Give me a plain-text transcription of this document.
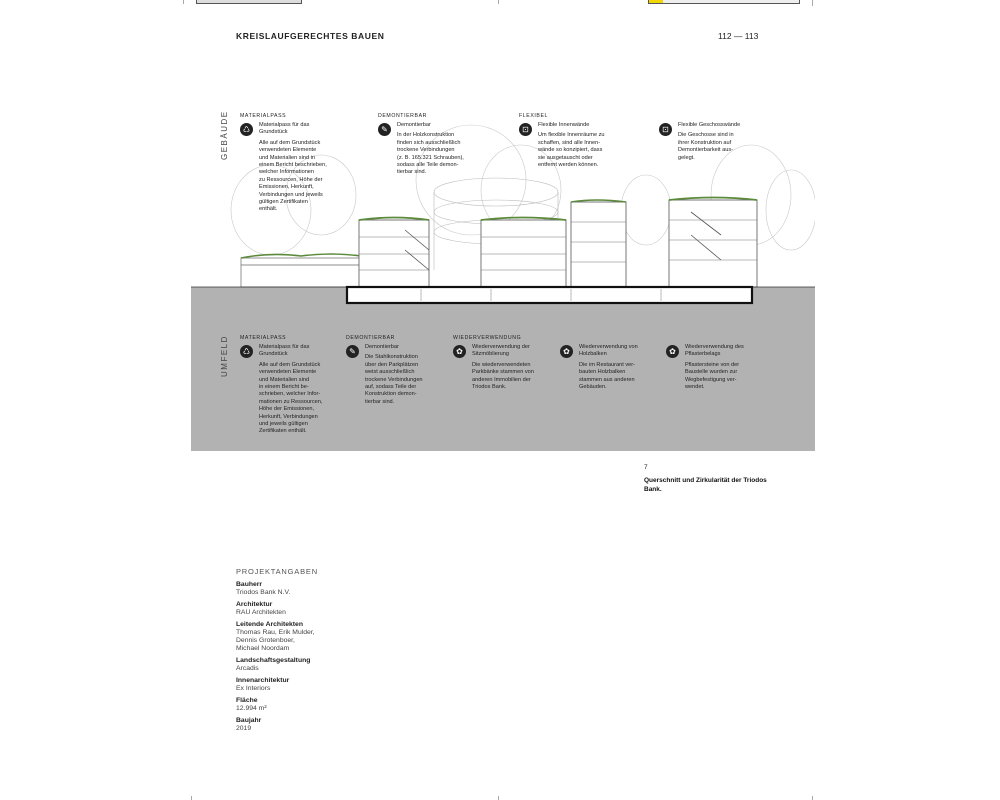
KREISLAUFGERECHTES BAUEN	112 — 113
GEBÄUDE
UMFELD
MATERIALPASS	DEMONTIERBAR	FLEXIBEL
♺	Materialpass für das
Grundstück
Alle auf dem Grundstück
verwendeten Elemente
und Materialien sind in
einem Bericht beschrieben,
welcher Informationen
zu Ressourcen, Höhe der
Emissionen, Herkunft,
Verbindungen und jeweils
gültigen Zertifikaten
enthält.
✎	Demontierbar
In der Holzkonstruktion
finden sich ausschließlich
trockene Verbindungen
(z. B. 165.321 Schrauben),
sodass alle Teile demon-
tierbar sind.
⊡	Flexible Innenwände
Um flexible Innenräume zu
schaffen, sind alle Innen-
wände so konzipiert, dass
sie ausgetauscht oder
entfernt werden können.
⊡	Flexible Geschosswände
Die Geschosse sind in
ihrer Konstruktion auf
Demontierbarkeit aus-
gelegt.
MATERIALPASS	DEMONTIERBAR	WIEDERVERWENDUNG
♺	Materialpass für das
Grundstück
Alle auf dem Grundstück
verwendeten Elemente
und Materialien sind
in einem Bericht be-
schrieben, welcher Infor-
mationen zu Ressourcen,
Höhe der Emissionen,
Herkunft, Verbindungen
und jeweils gültigen
Zertifikaten enthält.
✎	Demontierbar
Die Stahlkonstruktion
über den Parkplätzen
weist ausschließlich
trockene Verbindungen
auf, sodass Teile der
Konstruktion demon-
tierbar sind.
✿	Wiederverwendung der
Sitzmöblierung
Die wiederverwendeten
Parkbänke stammen von
anderen Immobilien der
Triodos Bank.
✿	Wiederverwendung von
Holzbalken
Die im Restaurant ver-
bauten Holzbalken
stammen aus anderen
Gebäuden.
✿	Wiederverwendung des
Pflasterbelags
Pflastersteine von der
Baustelle wurden zur
Wegbefestigung ver-
wendet.
7
Querschnitt und Zirkularität der Triodos Bank.
PROJEKTANGABEN
Bauherr
Triodos Bank N.V.
Architektur
RAU Architekten
Leitende Architekten
Thomas Rau, Erik Mulder,
Dennis Grotenboer,
Michael Noordam
Landschaftsgestaltung
Arcadis
Innenarchitektur
Ex Interiors
Fläche
12.994 m²
Baujahr
2019
